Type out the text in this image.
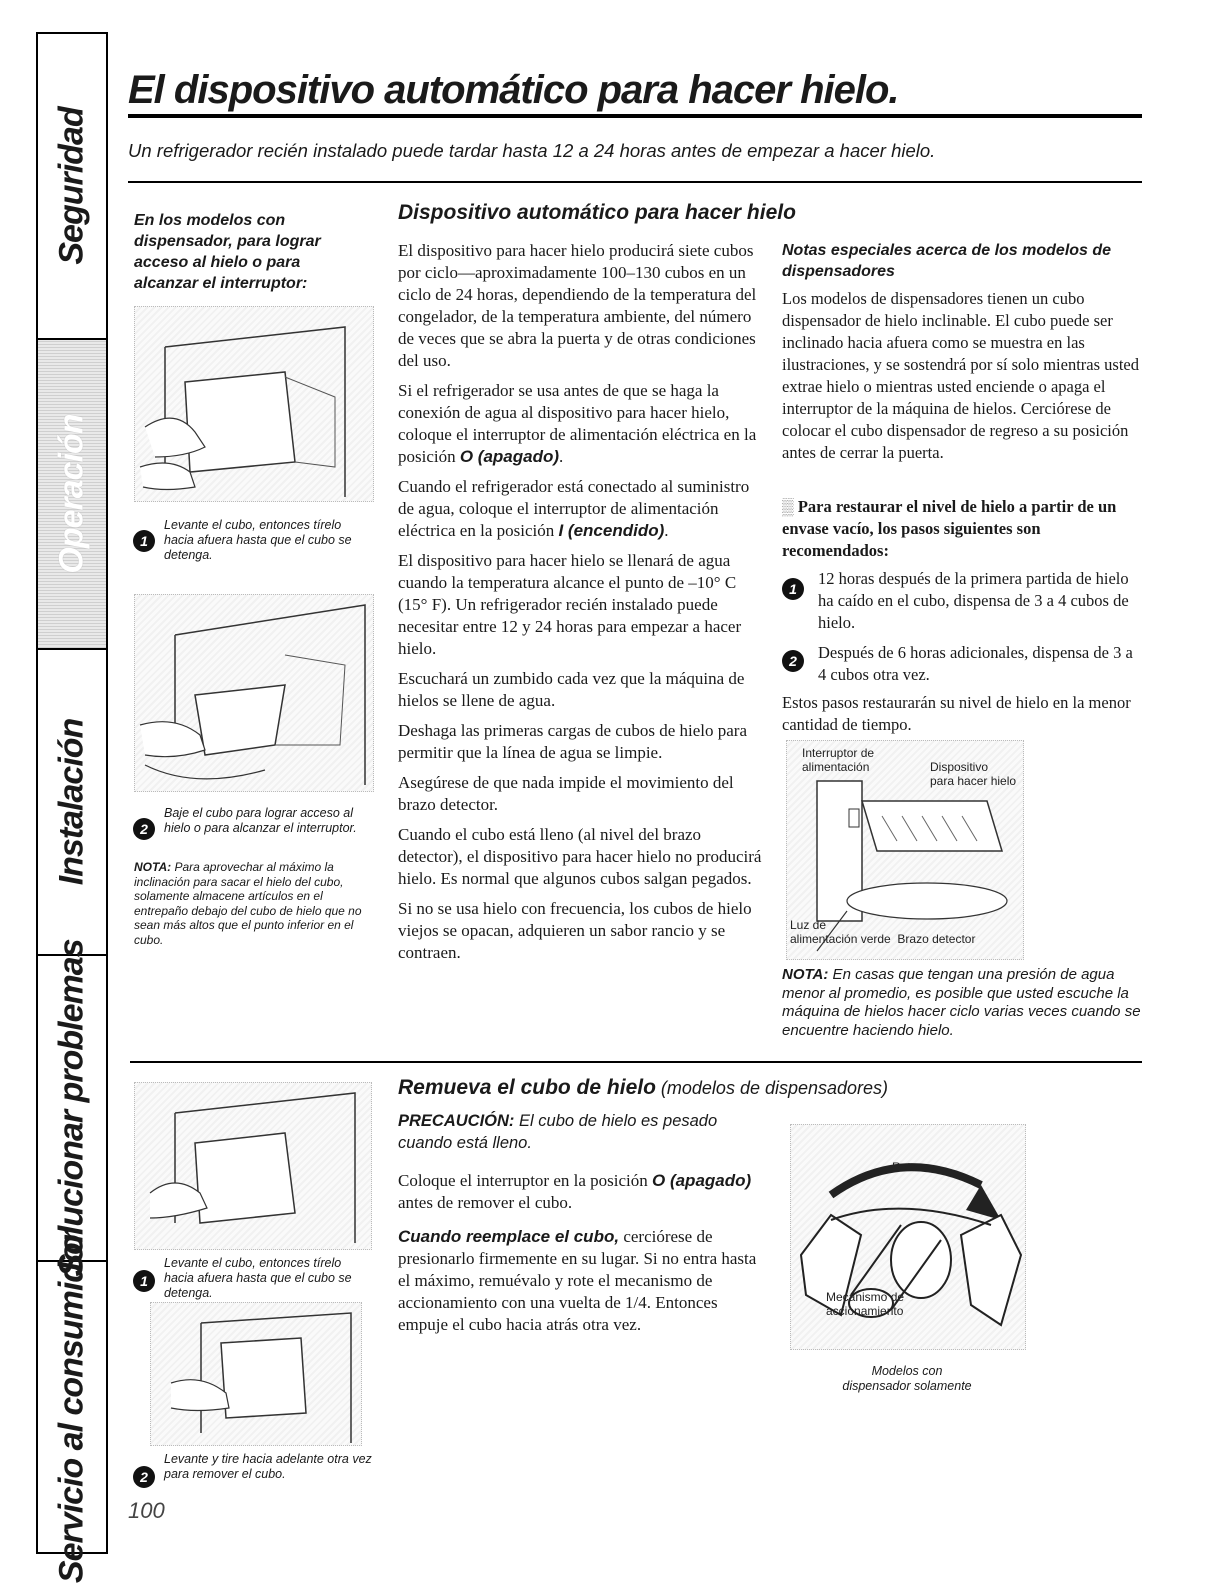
Seguridad
Operación
Instalación
Solucionar problemas
Servicio al consumidor
El dispositivo automático para hacer hielo.
Un refrigerador recién instalado puede tardar hasta 12 a 24 horas antes de empezar a hacer hielo.
En los modelos con dispensador, para lograr acceso al hielo o para alcanzar el interruptor:
1
Levante el cubo, entonces tírelo hacia afuera hasta que el cubo se detenga.
2
Baje el cubo para lograr acceso al hielo o para alcanzar el interruptor.
NOTA: Para aprovechar al máximo la inclinación para sacar el hielo del cubo, solamente almacene artículos en el entrepaño debajo del cubo de hielo que no sean más altos que el punto inferior en el cubo.
Dispositivo automático para hacer hielo

El dispositivo para hacer hielo producirá siete cubos por ciclo—aproximadamente 100–130 cubos en un ciclo de 24 horas, dependiendo de la temperatura del congelador, de la temperatura ambiente, del número de veces que se abra la puerta y de otras condiciones del uso.

Si el refrigerador se usa antes de que se haga la conexión de agua al dispositivo para hacer hielo, coloque el interruptor de alimentación eléctrica en la posición O (apagado).

Cuando el refrigerador está conectado al suministro de agua, coloque el interruptor de alimentación eléctrica en la posición I (encendido).

El dispositivo para hacer hielo se llenará de agua cuando la temperatura alcance el punto de –10° C (15° F). Un refrigerador recién instalado puede necesitar entre 12 y 24 horas para empezar a hacer hielo.

Escuchará un zumbido cada vez que la máquina de hielos se llene de agua.

Deshaga las primeras cargas de cubos de hielo para permitir que la línea de agua se limpie.

Asegúrese de que nada impide el movimiento del brazo detector.

Cuando el cubo está lleno (al nivel del brazo detector), el dispositivo para hacer hielo no producirá hielo. Es normal que algunos cubos salgan pegados.

Si no se usa hielo con frecuencia, los cubos de hielo viejos se opacan, adquieren un sabor rancio y se contraen.

Notas especiales acerca de los modelos de dispensadores

Los modelos de dispensadores tienen un cubo dispensador de hielo inclinable. El cubo puede ser inclinado hacia afuera como se muestra en las ilustraciones, y se sostendrá por sí solo mientras usted extrae hielo o mientras usted enciende o apaga el interruptor de la máquina de hielos. Cerciórese de colocar el cubo dispensador de regreso a su posición antes de cerrar la puerta.

▒ Para restaurar el nivel de hielo a partir de un envase vacío, los pasos siguientes son recomendados:
1
12 horas después de la primera partida de hielo ha caído en el cubo, dispensa de 3 a 4 cubos de hielo.
2	Después de 6 horas adicionales, dispensa de 3 a 4 cubos otra vez.
Estos pasos restaurarán su nivel de hielo en la menor cantidad de tiempo.
Interruptor de
alimentación	Dispositivo
para hacer hielo
Luz de
alimentación verde Brazo detector
NOTA: En casas que tengan una presión de agua menor al promedio, es posible que usted escuche la máquina de hielos hacer ciclo varias veces cuando se encuentre haciendo hielo.
1
Levante el cubo, entonces tírelo hacia afuera hasta que el cubo se detenga.
2
Levante y tire hacia adelante otra vez para remover el cubo.
Remueva el cubo de hielo (modelos de dispensadores)
PRECAUCIÓN: El cubo de hielo es pesado cuando está lleno.

Coloque el interruptor en la posición O (apagado) antes de remover el cubo.

Cuando reemplace el cubo, cerciórese de presionarlo firmemente en su lugar. Si no entra hasta el máximo, remuévalo y rote el mecanismo de accionamiento con una vuelta de 1/4. Entonces empuje el cubo hacia atrás otra vez.

Rote
Mecanismo de
accionamiento
Modelos con
dispensador solamente
100
